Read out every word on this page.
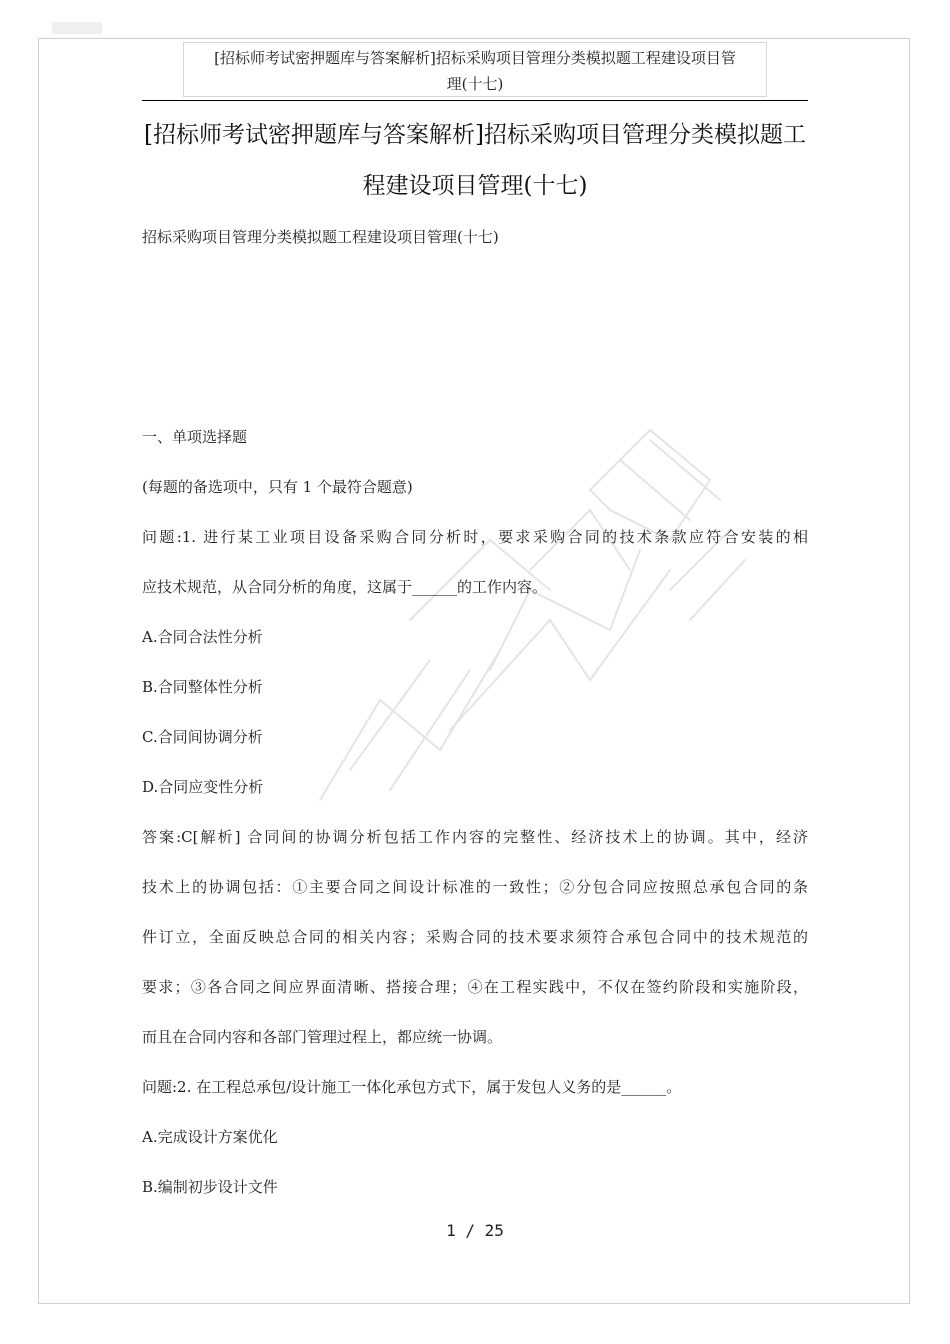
[招标师考试密押题库与答案解析]招标采购项目管理分类模拟题工程建设项目管
理(十七)
[招标师考试密押题库与答案解析]招标采购项目管理分类模拟题工
程建设项目管理(十七)
招标采购项目管理分类模拟题工程建设项目管理(十七)
一、单项选择题
(每题的备选项中，只有 1 个最符合题意)
问题:1. 进行某工业项目设备采购合同分析时，要求采购合同的技术条款应符合安装的相
应技术规范，从合同分析的角度，这属于______的工作内容。
A.合同合法性分析
B.合同整体性分析
C.合同间协调分析
D.合同应变性分析
答案:C[解析] 合同间的协调分析包括工作内容的完整性、经济技术上的协调。其中，经济
技术上的协调包括：①主要合同之间设计标准的一致性；②分包合同应按照总承包合同的条
件订立，全面反映总合同的相关内容；采购合同的技术要求须符合承包合同中的技术规范的
要求；③各合同之间应界面清晰、搭接合理；④在工程实践中，不仅在签约阶段和实施阶段，
而且在合同内容和各部门管理过程上，都应统一协调。
问题:2. 在工程总承包/设计施工一体化承包方式下，属于发包人义务的是______。
A.完成设计方案优化
B.编制初步设计文件
1 / 25
